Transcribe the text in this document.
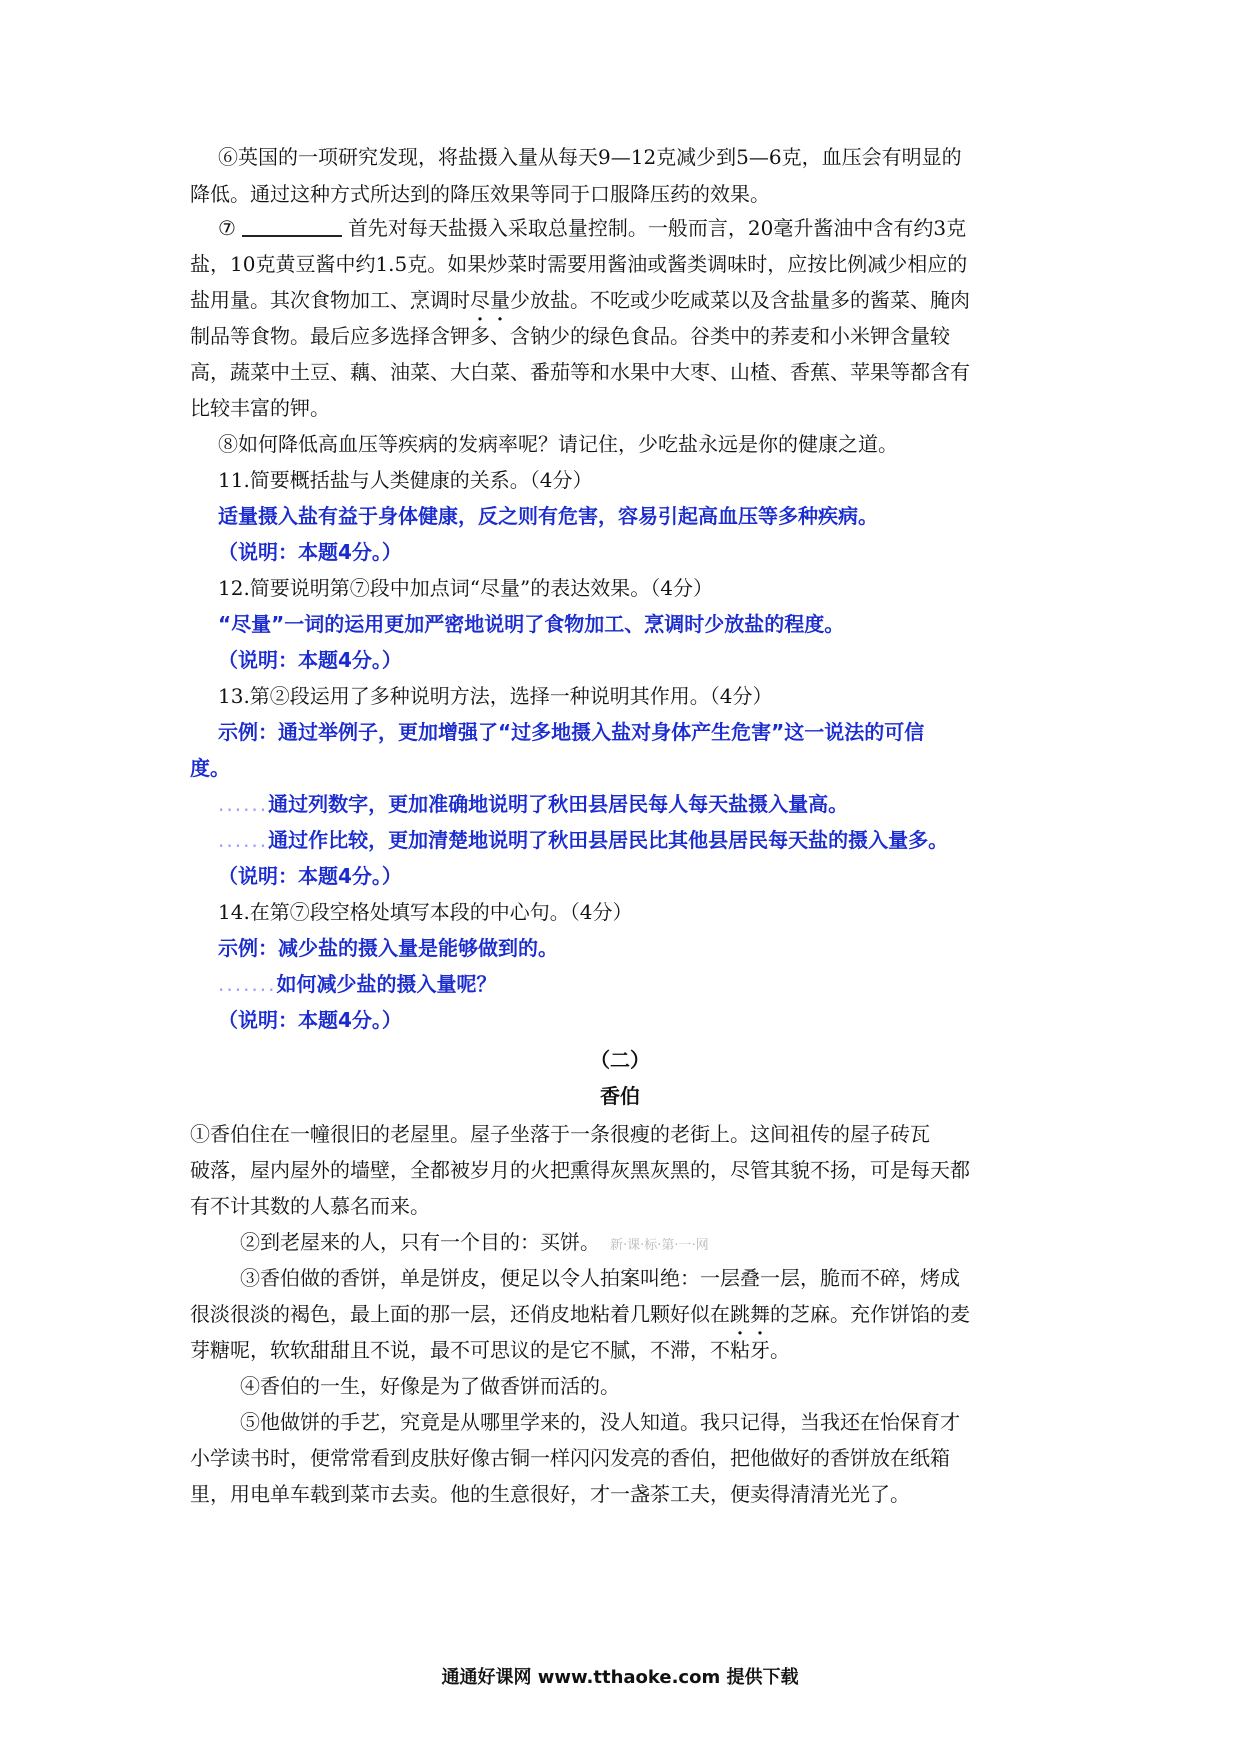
⑥英国的一项研究发现，将盐摄入量从每天9—12克减少到5—6克，血压会有明显的
降低。通过这种方式所达到的降压效果等同于口服降压药的效果。
⑦	首先对每天盐摄入采取总量控制。一般而言，20毫升酱油中含有约3克
盐，10克黄豆酱中约1.5克。如果炒菜时需要用酱油或酱类调味时，应按比例减少相应的
盐用量。其次食物加工、烹调时尽量少放盐。不吃或少吃咸菜以及含盐量多的酱菜、腌肉
制品等食物。最后应多选择含钾多、含钠少的绿色食品。谷类中的荞麦和小米钾含量较
高，蔬菜中土豆、藕、油菜、大白菜、番茄等和水果中大枣、山楂、香蕉、苹果等都含有
比较丰富的钾。
⑧如何降低高血压等疾病的发病率呢？请记住，少吃盐永远是你的健康之道。
11.简要概括盐与人类健康的关系。（4分）
适量摄入盐有益于身体健康，反之则有危害，容易引起高血压等多种疾病。
（说明：本题4分。）
12.简要说明第⑦段中加点词“尽量”的表达效果。（4分）
“尽量”一词的运用更加严密地说明了食物加工、烹调时少放盐的程度。
（说明：本题4分。）
13.第②段运用了多种说明方法，选择一种说明其作用。（4分）
示例：通过举例子，更加增强了“过多地摄入盐对身体产生危害”这一说法的可信
度。
......通过列数字，更加准确地说明了秋田县居民每人每天盐摄入量高。
......通过作比较，更加清楚地说明了秋田县居民比其他县居民每天盐的摄入量多。
（说明：本题4分。）
14.在第⑦段空格处填写本段的中心句。（4分）
示例：减少盐的摄入量是能够做到的。
.......如何减少盐的摄入量呢？
（说明：本题4分。）
（二）
香伯
①香伯住在一幢很旧的老屋里。屋子坐落于一条很瘦的老街上。这间祖传的屋子砖瓦
破落，屋内屋外的墙壁，全都被岁月的火把熏得灰黑灰黑的，尽管其貌不扬，可是每天都
有不计其数的人慕名而来。
②到老屋来的人，只有一个目的：买饼。 新·课·标·第·一·网
③香伯做的香饼，单是饼皮，便足以令人拍案叫绝：一层叠一层，脆而不碎，烤成
很淡很淡的褐色，最上面的那一层，还俏皮地粘着几颗好似在跳舞的芝麻。充作饼馅的麦
芽糖呢，软软甜甜且不说，最不可思议的是它不腻，不滞，不粘牙。
④香伯的一生，好像是为了做香饼而活的。
⑤他做饼的手艺，究竟是从哪里学来的，没人知道。我只记得，当我还在怡保育才
小学读书时，便常常看到皮肤好像古铜一样闪闪发亮的香伯，把他做好的香饼放在纸箱
里，用电单车载到菜市去卖。他的生意很好，才一盏茶工夫，便卖得清清光光了。
通通好课网 www.tthaoke.com 提供下载
